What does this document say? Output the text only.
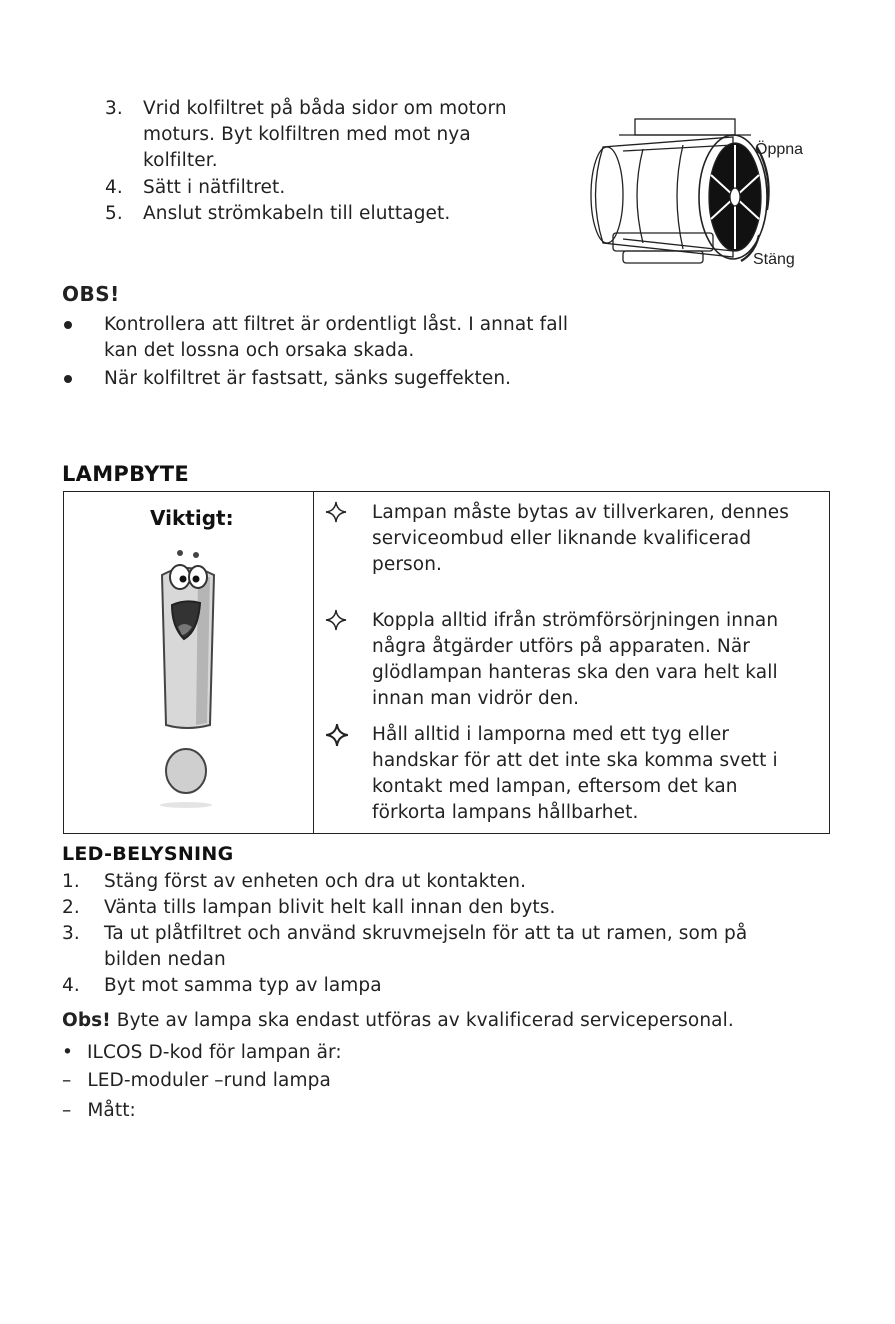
3.	Vrid kolfiltret på båda sidor om motorn moturs. Byt kolfiltren med mot nya kolfilter.
4.	Sätt i nätfiltret.
5.	Anslut strömkabeln till eluttaget.
Öppna
Stäng
OBS!
Kontrollera att filtret är ordentligt låst. I annat fall kan det lossna och orsaka skada.
När kolfiltret är fastsatt, sänks sugeffekten.
LAMPBYTE
Viktigt:	Lampan måste bytas av tillverkaren, dennes serviceombud eller liknande kvalificerad person.
Koppla alltid ifrån strömförsörjningen innan några åtgärder utförs på apparaten. När glödlampan hanteras ska den vara helt kall innan man vidrör den.
Håll alltid i lamporna med ett tyg eller handskar för att det inte ska komma svett i kontakt med lampan, eftersom det kan förkorta lampans hållbarhet.
LED-BELYSNING
1. Stäng först av enheten och dra ut kontakten.
2. Vänta tills lampan blivit helt kall innan den byts.
3. Ta ut plåtfiltret och använd skruvmejseln för att ta ut ramen, som på bilden nedan
4. Byt mot samma typ av lampa
Obs! Byte av lampa ska endast utföras av kvalificerad servicepersonal.
• ILCOS D-kod för lampan är:
– LED-moduler –rund lampa
– Mått:
